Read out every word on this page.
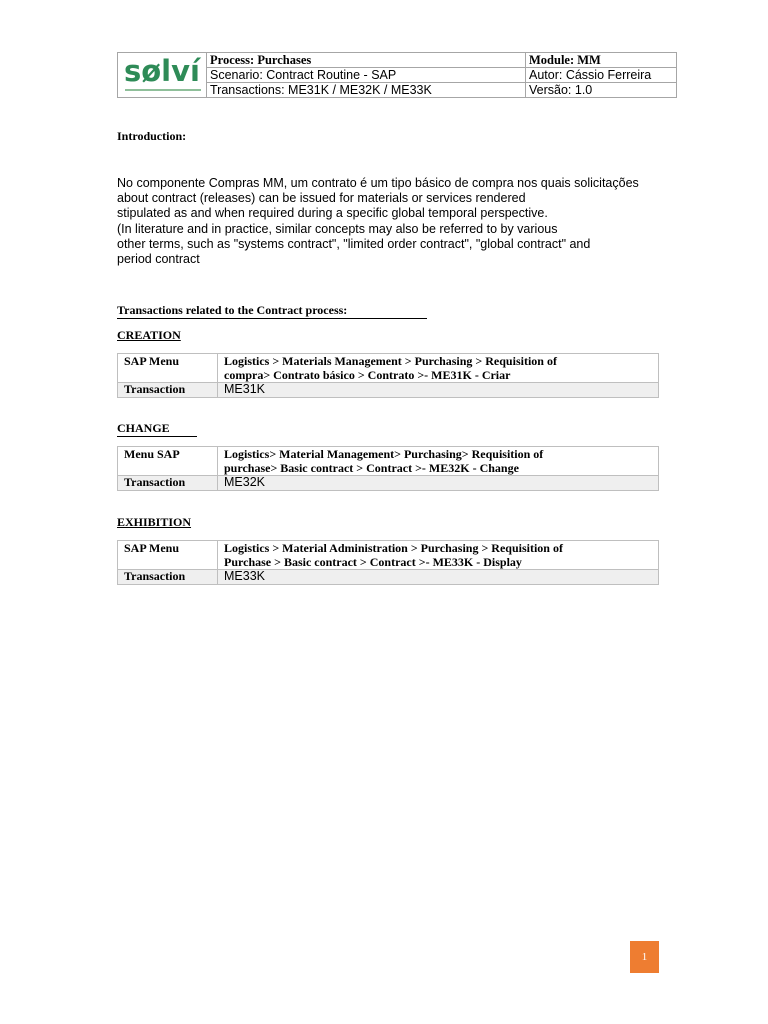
sølví	Process: Purchases	Module: MM
	Scenario: Contract Routine - SAP	Autor: Cássio Ferreira
	Transactions: ME31K / ME32K / ME33K	Versão: 1.0
Introduction:
No componente Compras MM, um contrato é um tipo básico de compra nos quais solicitações
about contract (releases) can be issued for materials or services rendered
stipulated as and when required during a specific global temporal perspective.
(In literature and in practice, similar concepts may also be referred to by various
other terms, such as "systems contract", "limited order contract", "global contract" and
period contract
Transactions related to the Contract process:
CREATION
SAP Menu	Logistics > Materials Management > Purchasing > Requisition of
compra> Contrato básico > Contrato >- ME31K - Criar

Transaction	ME31K
CHANGE
Menu SAP	Logistics> Material Management> Purchasing> Requisition of
purchase> Basic contract > Contract >- ME32K - Change

Transaction	ME32K
EXHIBITION
SAP Menu	Logistics > Material Administration > Purchasing > Requisition of
Purchase > Basic contract > Contract >- ME33K - Display

Transaction	ME33K
1
